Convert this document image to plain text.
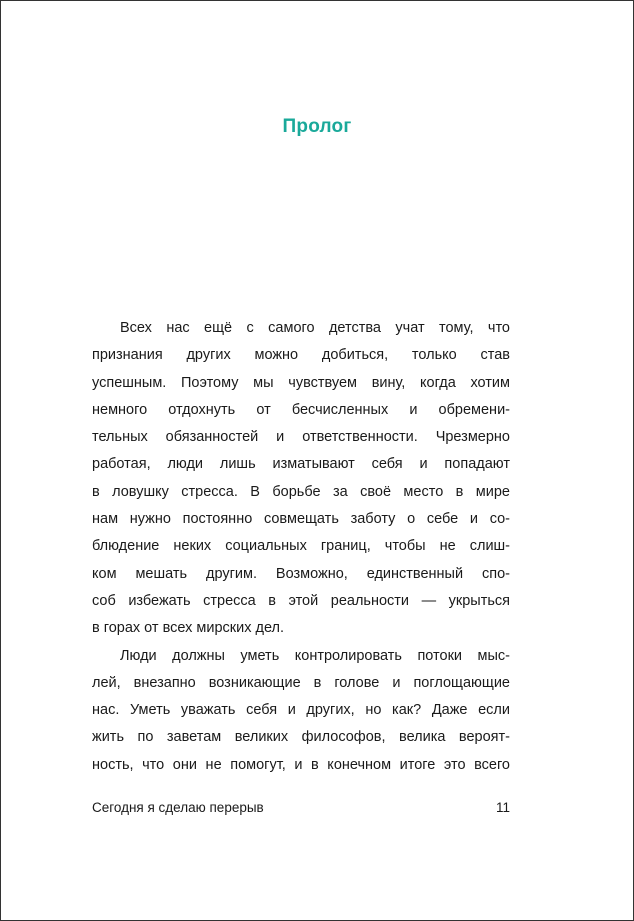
Пролог
Всех нас ещё с самого детства учат тому, что
признания других можно добиться, только став
успешным. Поэтому мы чувствуем вину, когда хотим
немного отдохнуть от бесчисленных и обремени-
тельных обязанностей и ответственности. Чрезмерно
работая, люди лишь изматывают себя и попадают
в ловушку стресса. В борьбе за своё место в мире
нам нужно постоянно совмещать заботу о себе и со-
блюдение неких социальных границ, чтобы не слиш-
ком мешать другим. Возможно, единственный спо-
соб избежать стресса в этой реальности — укрыться
в горах от всех мирских дел.
Люди должны уметь контролировать потоки мыс-
лей, внезапно возникающие в голове и поглощающие
нас. Уметь уважать себя и других, но как? Даже если
жить по заветам великих философов, велика вероят-
ность, что они не помогут, и в конечном итоге это всего
Сегодня я сделаю перерыв	11
